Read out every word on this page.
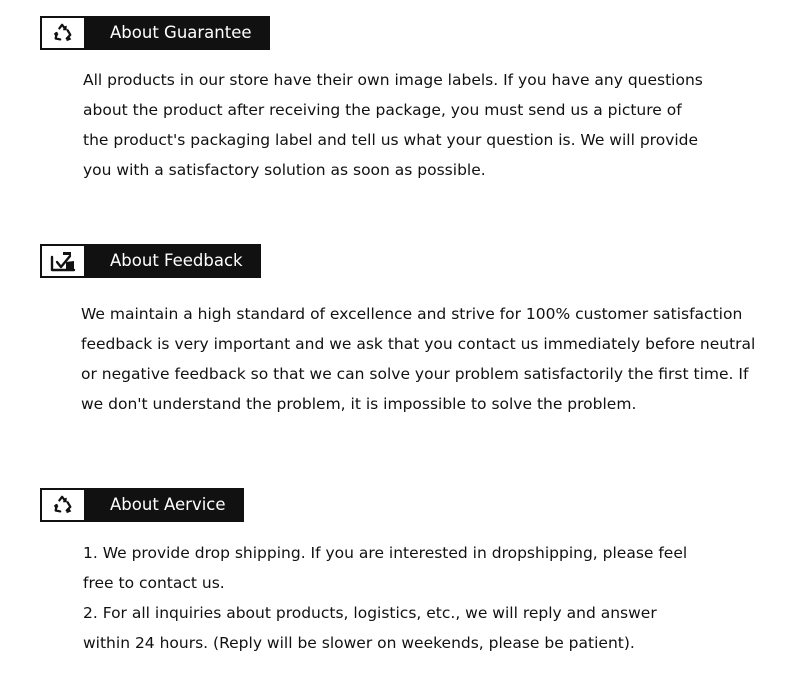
About Guarantee
All products in our store have their own image labels. If you have any questions
about the product after receiving the package, you must send us a picture of
the product's packaging label and tell us what your question is. We will provide
you with a satisfactory solution as soon as possible.
About Feedback
We maintain a high standard of excellence and strive for 100% customer satisfaction
feedback is very important and we ask that you contact us immediately before neutral
or negative feedback so that we can solve your problem satisfactorily the first time. If
we don't understand the problem, it is impossible to solve the problem.
About Aervice
1. We provide drop shipping. If you are interested in dropshipping, please feel
free to contact us.
2. For all inquiries about products, logistics, etc., we will reply and answer
within 24 hours. (Reply will be slower on weekends, please be patient).
